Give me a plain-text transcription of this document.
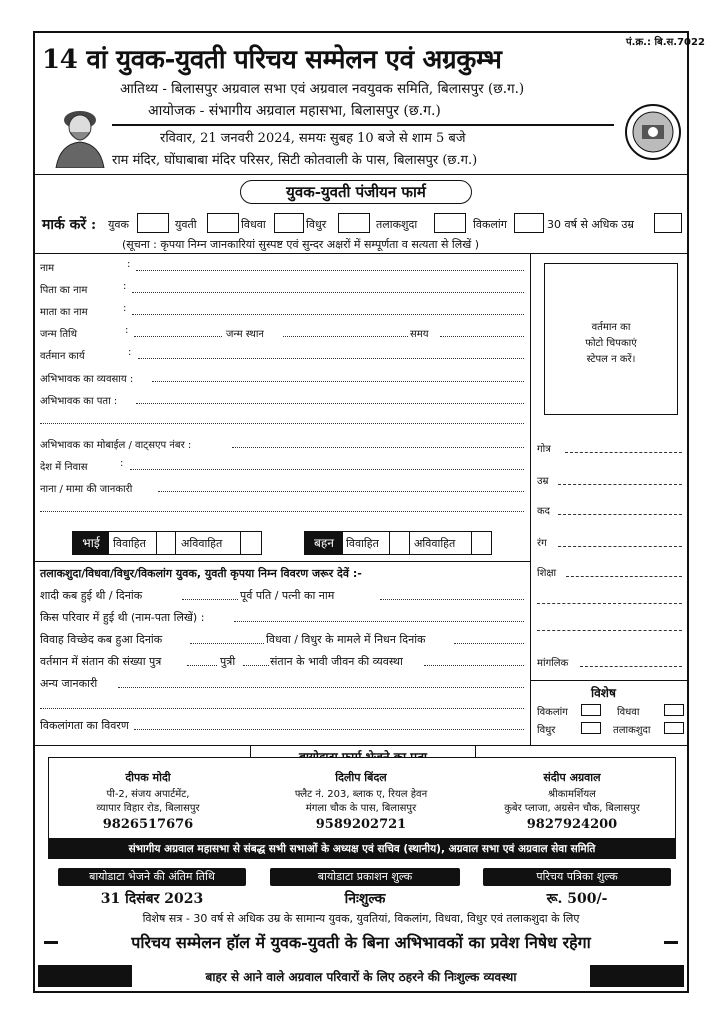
पं.क्र.: बि.स.7022
14 वां युवक-युवती परिचय सम्मेलन एवं अग्रकुम्भ
आतिथ्य - बिलासपुर अग्रवाल सभा एवं अग्रवाल नवयुवक समिति, बिलासपुर (छ.ग.)
आयोजक - संभागीय अग्रवाल महासभा, बिलासपुर (छ.ग.)
रविवार, 21 जनवरी 2024, समयः सुबह 10 बजे से शाम 5 बजे
राम मंदिर, घोंघाबाबा मंदिर परिसर, सिटी कोतवाली के पास, बिलासपुर (छ.ग.)
युवक-युवती पंजीयन फार्म
मार्क करें : युवक	युवती	विधवा	विधुर	तलाकशुदा	विकलांग	30 वर्ष से अधिक उम्र
(सूचना : कृपया निम्न जानकारियां सुस्पष्ट एवं सुन्दर अक्षरों में सम्पूर्णता व सत्यता से लिखें )
नाम	:
पिता का नाम	:
माता का नाम	:
जन्म तिथि	:	जन्म स्थान	समय
वर्तमान कार्य	:
अभिभावक का व्यवसाय :
अभिभावक का पता :
अभिभावक का मोबाईल / वाट्सएप नंबर :
देश में निवास	:
नाना / मामा की जानकारी
वर्तमान का
फोटो चिपकाएं
स्टेपल न करें।
गोत्र
उम्र
कद
रंग
शिक्षा
मांगलिक
विशेष
विकलांग	विधवा
विधुर	तलाकशुदा
भाई	विवाहित	अविवाहित	बहन	विवाहित	अविवाहित
तलाकशुदा/विधवा/विधुर/विकलांग युवक, युवती कृपया निम्न विवरण जरूर देवें :-
शादी कब हुई थी / दिनांक	पूर्व पति / पत्नी का नाम
किस परिवार में हुई थी (नाम-पता लिखें) :
विवाह विच्छेद कब हुआ दिनांक	विधवा / विधुर के मामले में निधन दिनांक
वर्तमान में संतान की संख्या पुत्र	पुत्री	संतान के भावी जीवन की व्यवस्था
अन्य जानकारी
विकलांगता का विवरण
दीपक मोदी
पी-2, संजय अपार्टमेंट,
व्यापार विहार रोड, बिलासपुर
9826517676
दिलीप बिंदल
फ्लैट नं. 203, ब्लाक ए, रियल हेवन
मंगला चौक के पास, बिलासपुर
9589202721
संदीप अग्रवाल
श्रीकामर्शियल
कुबेर प्लाजा, अग्रसेन चौक, बिलासपुर
9827924200
संभागीय अग्रवाल महासभा से संबद्ध सभी सभाओं के अध्यक्ष एवं सचिव (स्थानीय), अग्रवाल सभा एवं अग्रवाल सेवा समिति
बायोडाटा भेजने की अंतिम तिथि	बायोडाटा प्रकाशन शुल्क	परिचय पत्रिका शुल्क
31 दिसंबर 2023	निःशुल्क	रू. 500/-
विशेष सत्र - 30 वर्ष से अधिक उम्र के सामान्य युवक, युवतियां, विकलांग, विधवा, विधुर एवं तलाकशुदा के लिए
परिचय सम्मेलन हॉल में युवक-युवती के बिना अभिभावकों का प्रवेश निषेध रहेगा
बाहर से आने वाले अग्रवाल परिवारों के लिए ठहरने की निःशुल्क व्यवस्था
